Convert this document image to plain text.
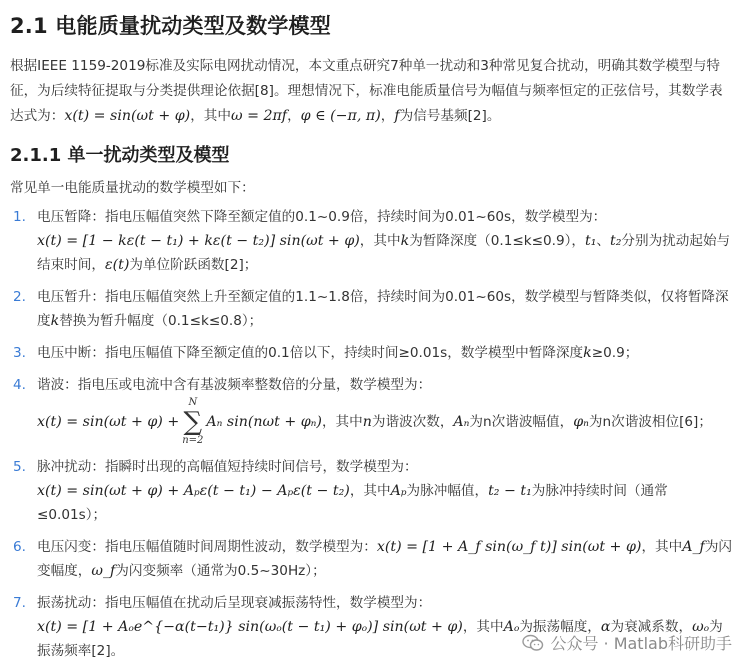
2.1 电能质量扰动类型及数学模型

根据IEEE 1159-2019标准及实际电网扰动情况，本文重点研究7种单一扰动和3种常见复合扰动，明确其数学模型与特征，为后续特征提取与分类提供理论依据[8]。理想情况下，标准电能质量信号为幅值与频率恒定的正弦信号，其数学表达式为：x(t) = sin(ωt + φ)，其中ω = 2πf，φ ∈ (−π, π)，f为信号基频[2]。

2.1.1 单一扰动类型及模型

常见单一电能质量扰动的数学模型如下：

1. 电压暂降：指电压幅值突然下降至额定值的0.1~0.9倍，持续时间为0.01~60s，数学模型为：
x(t) = [1 − kε(t − t₁) + kε(t − t₂)] sin(ωt + φ)，其中k为暂降深度（0.1≤k≤0.9），t₁、t₂分别为扰动起始与结束时间，ε(t)为单位阶跃函数[2]；
2. 电压暂升：指电压幅值突然上升至额定值的1.1~1.8倍，持续时间为0.01~60s，数学模型与暂降类似，仅将暂降深度k替换为暂升幅度（0.1≤k≤0.8）；
3. 电压中断：指电压幅值下降至额定值的0.1倍以下，持续时间≥0.01s，数学模型中暂降深度k≥0.9；
4. 谐波：指电压或电流中含有基波频率整数倍的分量，数学模型为：
x(t) = sin(ωt + φ) +
N
∑
n=2
Aₙ sin(nωt + φₙ)，其中n为谐波次数，Aₙ为n次谐波幅值，φₙ为n次谐波相位[6]；
5. 脉冲扰动：指瞬时出现的高幅值短持续时间信号，数学模型为：
x(t) = sin(ωt + φ) + Aₚε(t − t₁) − Aₚε(t − t₂)，其中Aₚ为脉冲幅值，t₂ − t₁为脉冲持续时间（通常≤0.01s）；
6. 电压闪变：指电压幅值随时间周期性波动，数学模型为：x(t) = [1 + A_f sin(ω_f t)] sin(ωt + φ)，其中A_f为闪变幅度，ω_f为闪变频率（通常为0.5~30Hz）；
7. 振荡扰动：指电压幅值在扰动后呈现衰减振荡特性，数学模型为：
x(t) = [1 + Aₒe^{−α(t−t₁)} sin(ωₒ(t − t₁) + φₒ)] sin(ωt + φ)，其中Aₒ为振荡幅度，α为衰减系数，ωₒ为振荡频率[2]。	公众号 · Matlab科研助手
